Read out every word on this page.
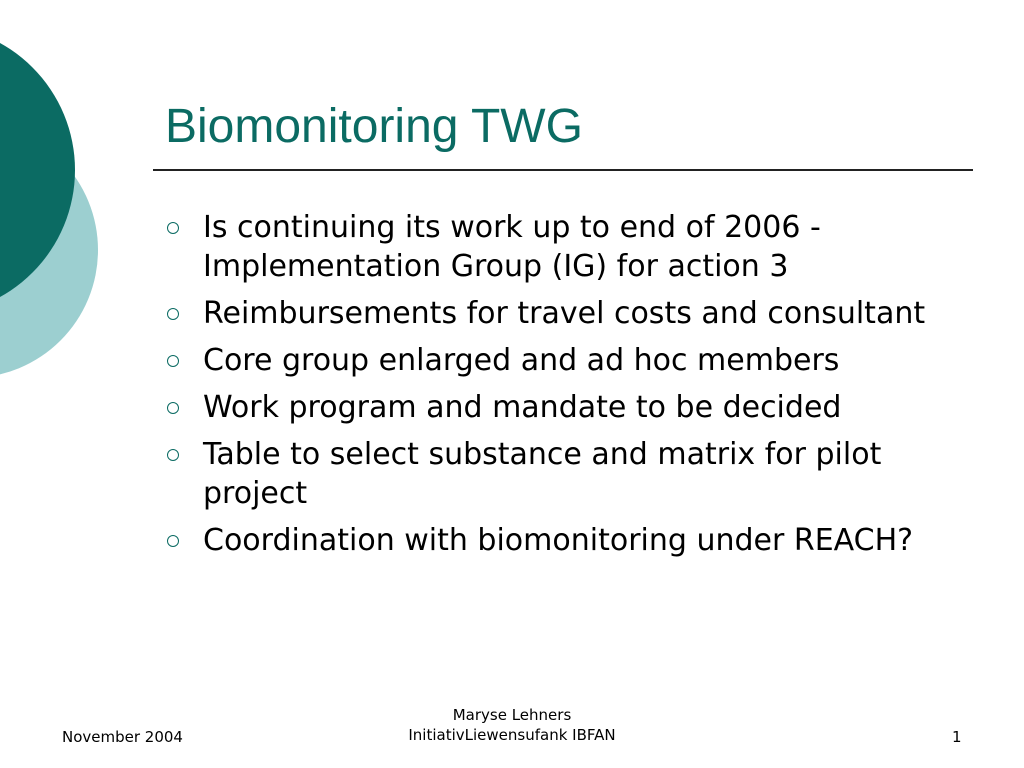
Biomonitoring TWG
Is continuing its work up to end of 2006 - Implementation Group (IG) for action 3
Reimbursements for travel costs and consultant
Core group enlarged and ad hoc members
Work program and mandate to be decided
Table to select substance and matrix for pilot project
Coordination with biomonitoring under REACH?
November 2004
Maryse Lehners
InitiativLiewensufank IBFAN	1
